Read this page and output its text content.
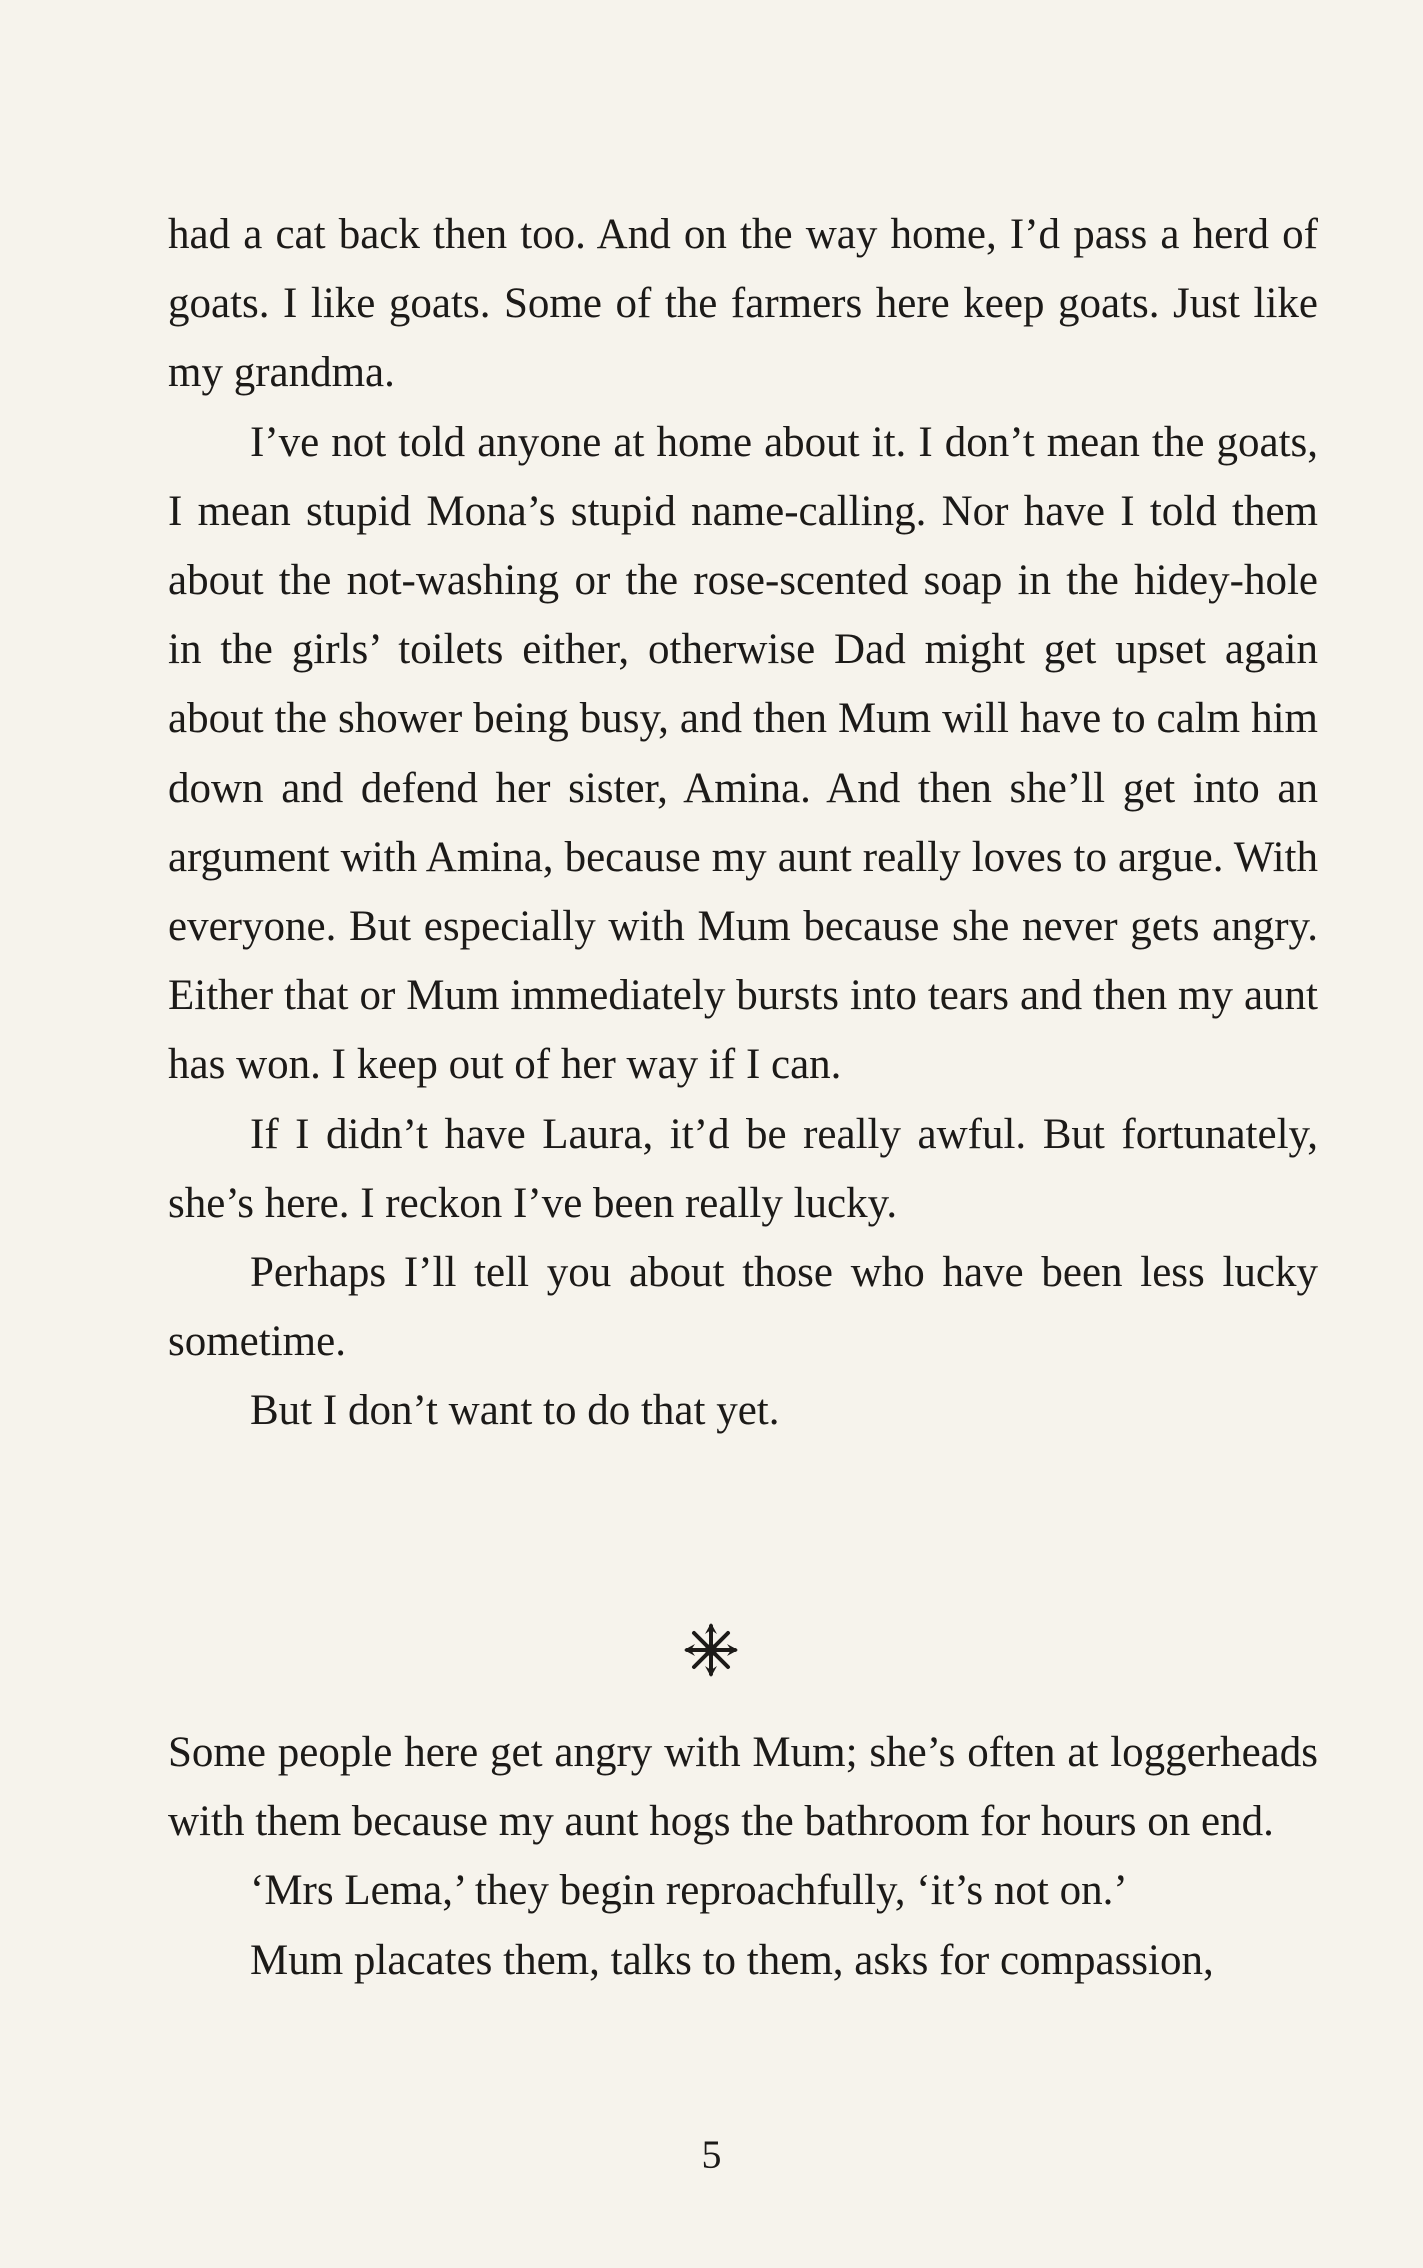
had a cat back then too. And on the way home, I’d pass a herd of goats. I like goats. Some of the farmers here keep goats. Just like my grandma.

I’ve not told anyone at home about it. I don’t mean the goats, I mean stupid Mona’s stupid name-calling. Nor have I told them about the not-washing or the rose-scented soap in the hidey-hole in the girls’ toilets either, otherwise Dad might get upset again about the shower being busy, and then Mum will have to calm him down and defend her sister, Amina. And then she’ll get into an argument with Amina, because my aunt really loves to argue. With everyone. But especially with Mum because she never gets angry. Either that or Mum immediately bursts into tears and then my aunt has won. I keep out of her way if I can.

If I didn’t have Laura, it’d be really awful. But fortunately, she’s here. I reckon I’ve been really lucky.

Perhaps I’ll tell you about those who have been less lucky sometime.

But I don’t want to do that yet.

Some people here get angry with Mum; she’s often at loggerheads with them because my aunt hogs the bathroom for hours on end.

‘Mrs Lema,’ they begin reproachfully, ‘it’s not on.’

Mum placates them, talks to them, asks for compassion,

5
